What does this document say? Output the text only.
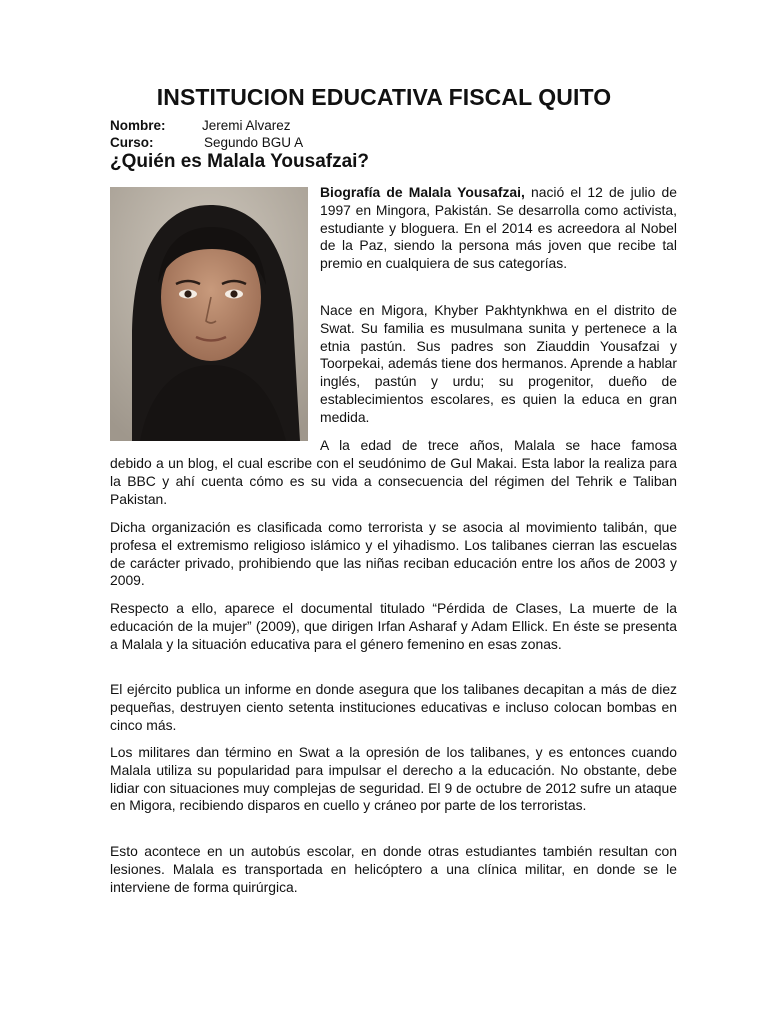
INSTITUCION EDUCATIVA FISCAL QUITO
Nombre:	Jeremi Alvarez
Curso:	Segundo BGU A
¿Quién es Malala Yousafzai?

Biografía de Malala Yousafzai, nació el 12 de julio de 1997 en Mingora, Pakistán. Se desarrolla como activista, estudiante y bloguera. En el 2014 es acreedora al Nobel de la Paz, siendo la persona más joven que recibe tal premio en cualquiera de sus categorías.

Nace en Migora, Khyber Pakhtynkhwa en el distrito de Swat. Su familia es musulmana sunita y pertenece a la etnia pastún. Sus padres son Ziauddin Yousafzai y Toorpekai, además tiene dos hermanos. Aprende a hablar inglés, pastún y urdu; su progenitor, dueño de establecimientos escolares, es quien la educa en gran medida.

A la edad de trece años, Malala se hace famosa

debido a un blog, el cual escribe con el seudónimo de Gul Makai. Esta labor la realiza para la BBC y ahí cuenta cómo es su vida a consecuencia del régimen del Tehrik e Taliban Pakistan.

Dicha organización es clasificada como terrorista y se asocia al movimiento talibán, que profesa el extremismo religioso islámico y el yihadismo. Los talibanes cierran las escuelas de carácter privado, prohibiendo que las niñas reciban educación entre los años de 2003 y 2009.

Respecto a ello, aparece el documental titulado “Pérdida de Clases, La muerte de la educación de la mujer” (2009), que dirigen Irfan Asharaf y Adam Ellick. En éste se presenta a Malala y la situación educativa para el género femenino en esas zonas.

El ejército publica un informe en donde asegura que los talibanes decapitan a más de diez pequeñas, destruyen ciento setenta instituciones educativas e incluso colocan bombas en cinco más.

Los militares dan término en Swat a la opresión de los talibanes, y es entonces cuando Malala utiliza su popularidad para impulsar el derecho a la educación. No obstante, debe lidiar con situaciones muy complejas de seguridad. El 9 de octubre de 2012 sufre un ataque en Migora, recibiendo disparos en cuello y cráneo por parte de los terroristas.

Esto acontece en un autobús escolar, en donde otras estudiantes también resultan con lesiones. Malala es transportada en helicóptero a una clínica militar, en donde se le interviene de forma quirúrgica.
